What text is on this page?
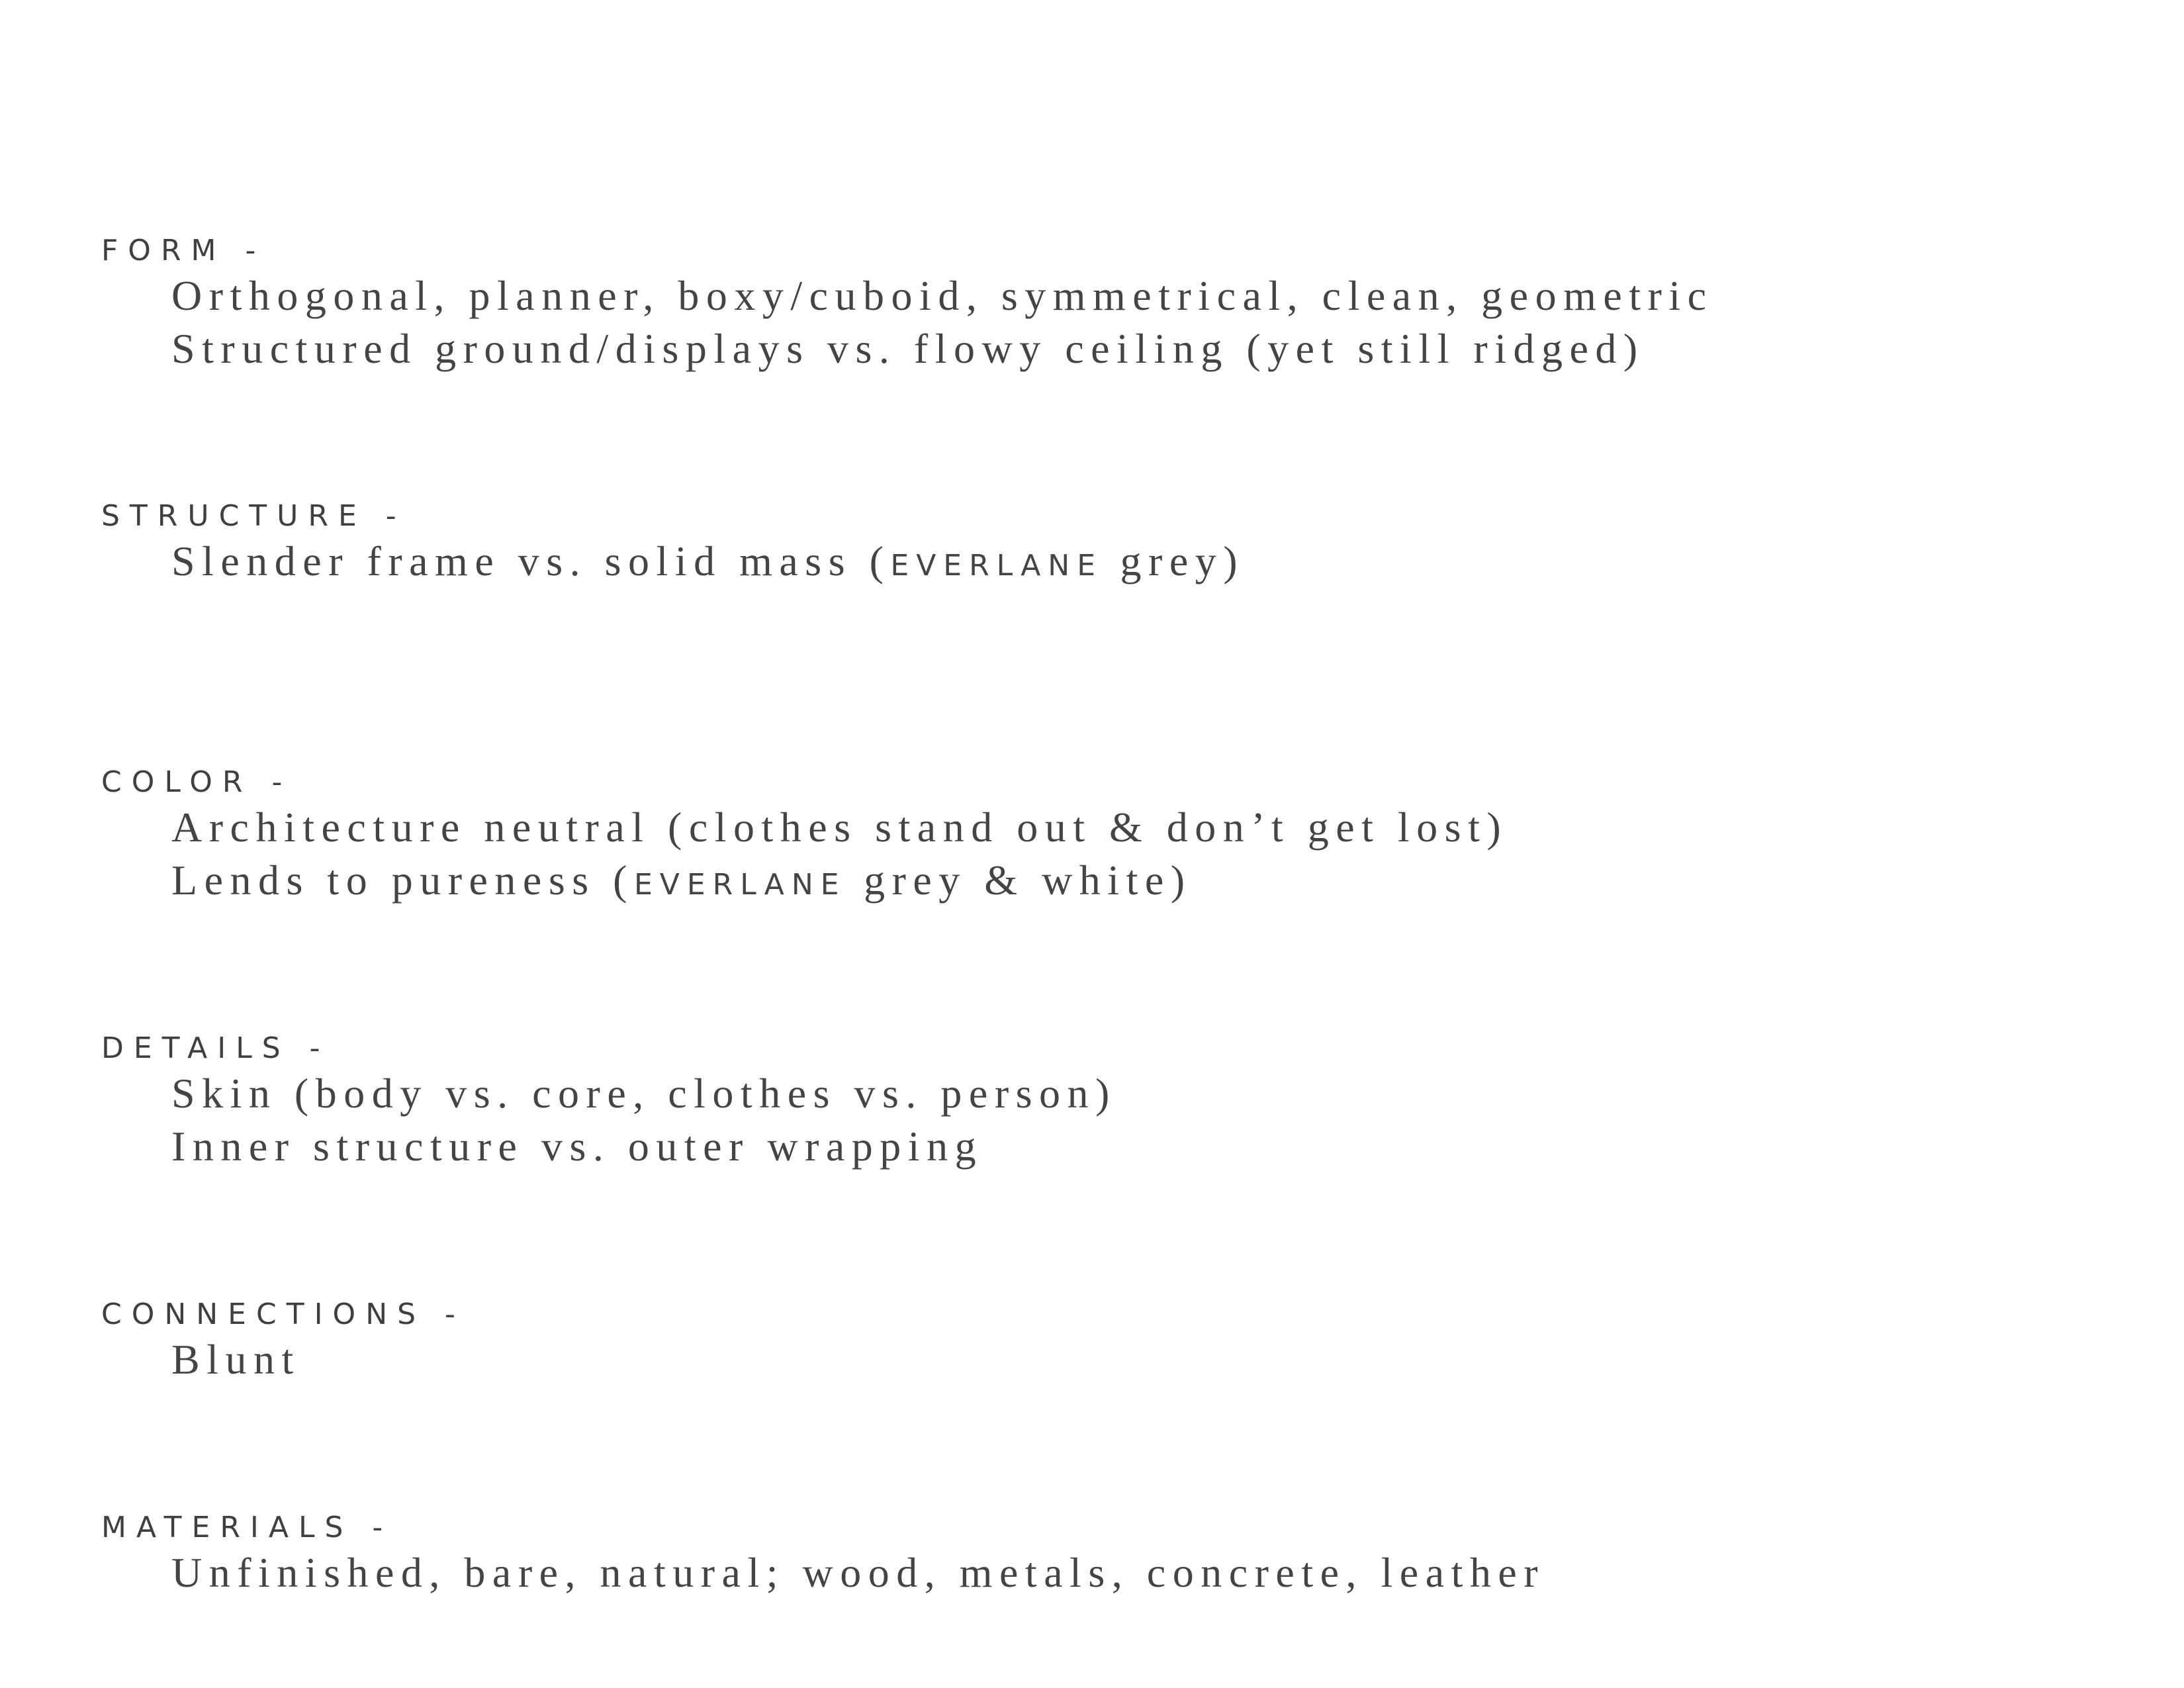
FORM -
Orthogonal, planner, boxy/cuboid, symmetrical, clean, geometric
Structured ground/displays vs. flowy ceiling (yet still ridged)
STRUCTURE -
Slender frame vs. solid mass (EVERLANE grey)
COLOR -
Architecture neutral (clothes stand out & don’t get lost)
Lends to pureness (EVERLANE grey & white)
DETAILS -
Skin (body vs. core, clothes vs. person)
Inner structure vs. outer wrapping
CONNECTIONS -
Blunt
MATERIALS -
Unfinished, bare, natural; wood, metals, concrete, leather
